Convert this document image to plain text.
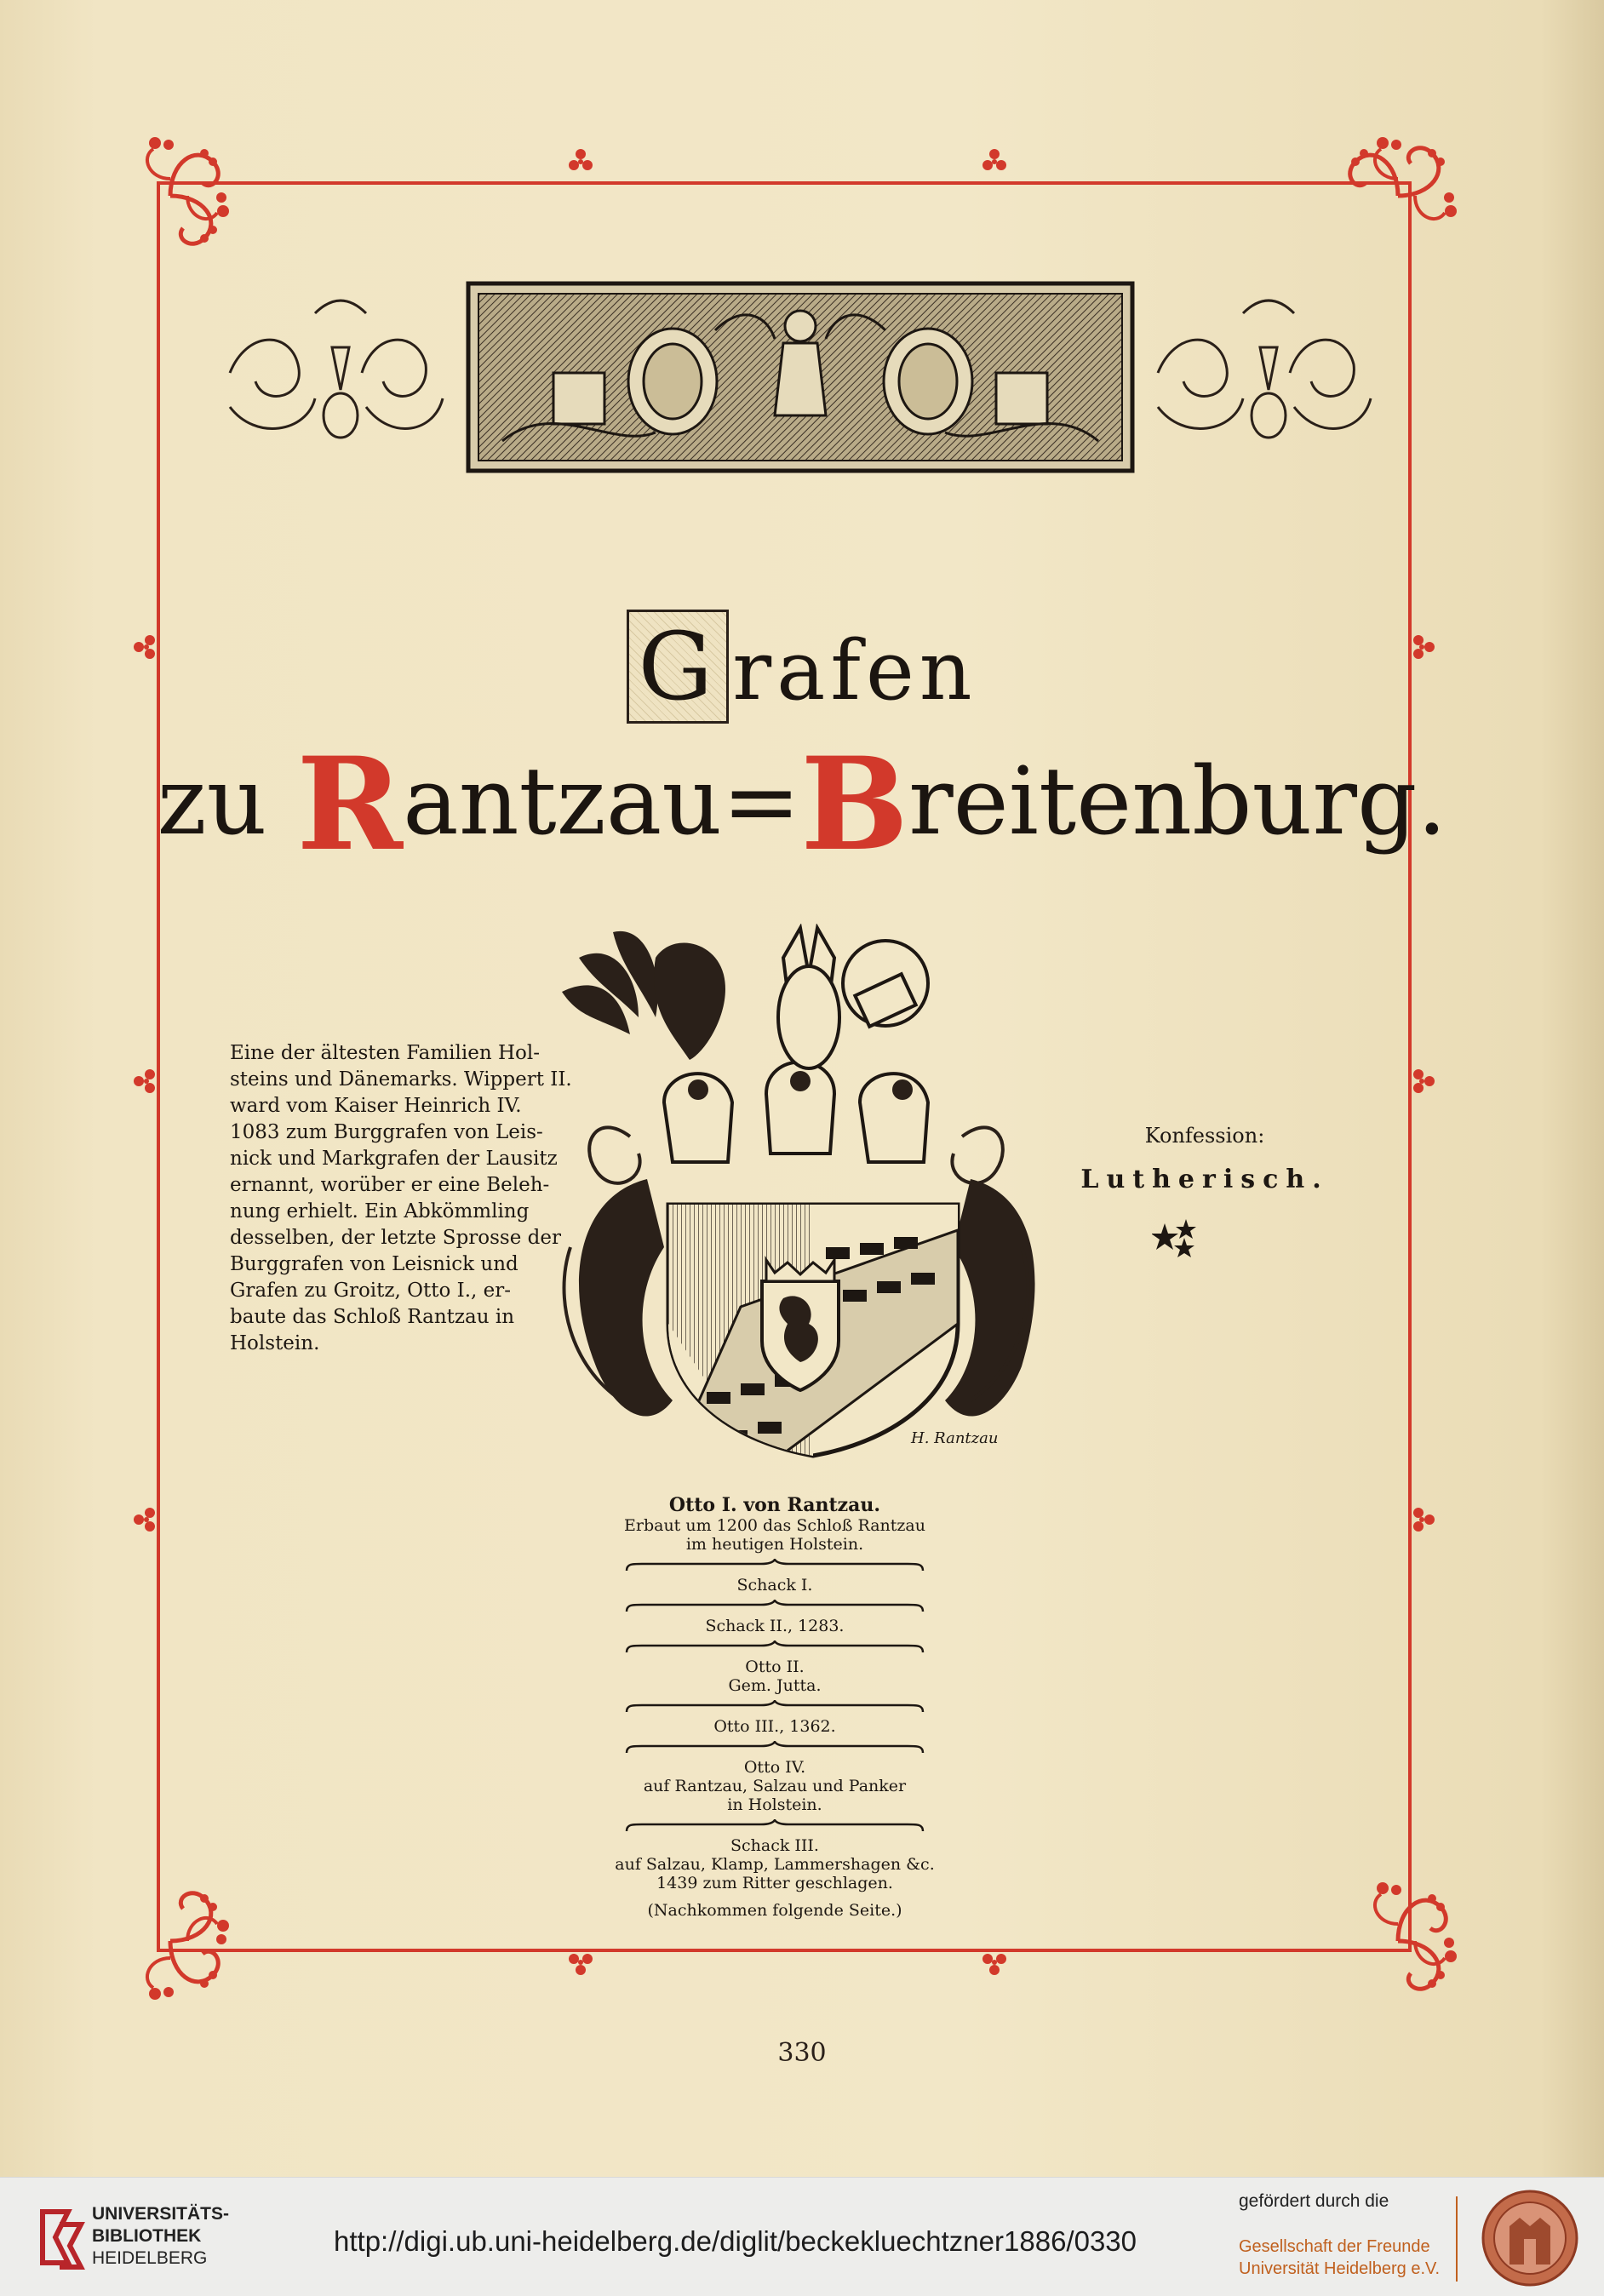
G rafen
zu Rantzau=Breitenburg.
Eine der ältesten Familien Hol-
steins und Dänemarks. Wippert II.
ward vom Kaiser Heinrich IV.
1083 zum Burggrafen von Leis-
nick und Markgrafen der Lausitz
ernannt, worüber er eine Beleh-
nung erhielt. Ein Abkömmling
desselben, der letzte Sprosse der
Burggrafen von Leisnick und
Grafen zu Groitz, Otto I., er-
baute das Schloß Rantzau in
Holstein.
H. Rantzau
Konfession:
Lutherisch.
Otto I. von Rantzau.
Erbaut um 1200 das Schloß Rantzau
im heutigen Holstein.
Schack I.
Schack II., 1283.
Otto II.
Gem. Jutta.
Otto III., 1362.
Otto IV.
auf Rantzau, Salzau und Panker
in Holstein.
Schack III.
auf Salzau, Klamp, Lammershagen &c.
1439 zum Ritter geschlagen.
(Nachkommen folgende Seite.)
330
UNIVERSITÄTS-
BIBLIOTHEK
HEIDELBERG
http://digi.ub.uni-heidelberg.de/diglit/beckekluechtzner1886/0330
gefördert durch die
Gesellschaft der Freunde
Universität Heidelberg e.V.
